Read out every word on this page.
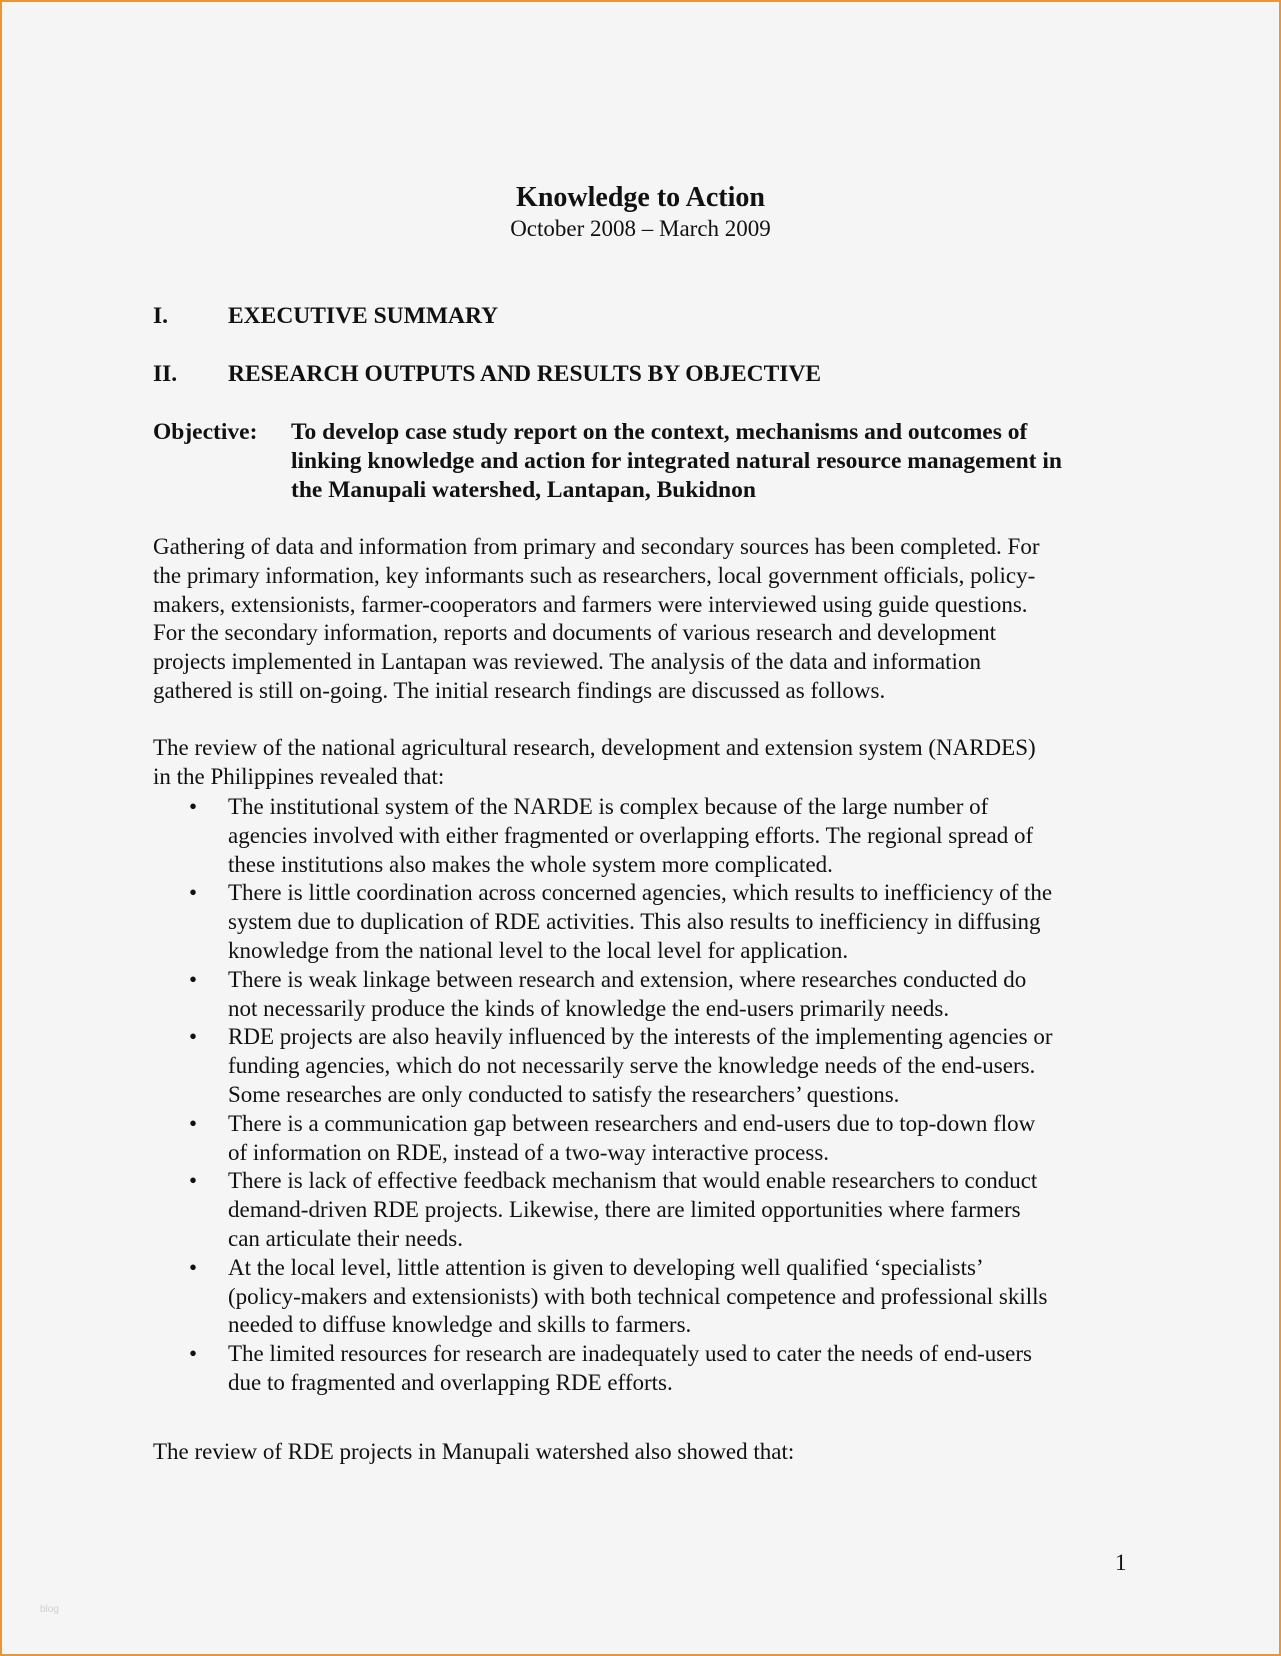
Knowledge to Action
October 2008 – March 2009
I.	EXECUTIVE SUMMARY
II. RESEARCH OUTPUTS AND RESULTS BY OBJECTIVE
Objective: To develop case study report on the context, mechanisms and outcomes of
linking knowledge and action for integrated natural resource management in
the Manupali watershed, Lantapan, Bukidnon
Gathering of data and information from primary and secondary sources has been completed. For
the primary information, key informants such as researchers, local government officials, policy-
makers, extensionists, farmer-cooperators and farmers were interviewed using guide questions.
For the secondary information, reports and documents of various research and development
projects implemented in Lantapan was reviewed. The analysis of the data and information
gathered is still on-going. The initial research findings are discussed as follows.
The review of the national agricultural research, development and extension system (NARDES)
in the Philippines revealed that:
• The institutional system of the NARDE is complex because of the large number of
agencies involved with either fragmented or overlapping efforts. The regional spread of
these institutions also makes the whole system more complicated.
• There is little coordination across concerned agencies, which results to inefficiency of the
system due to duplication of RDE activities. This also results to inefficiency in diffusing
knowledge from the national level to the local level for application.
• There is weak linkage between research and extension, where researches conducted do
not necessarily produce the kinds of knowledge the end-users primarily needs.
• RDE projects are also heavily influenced by the interests of the implementing agencies or
funding agencies, which do not necessarily serve the knowledge needs of the end-users.
Some researches are only conducted to satisfy the researchers’ questions.
• There is a communication gap between researchers and end-users due to top-down flow
of information on RDE, instead of a two-way interactive process.
• There is lack of effective feedback mechanism that would enable researchers to conduct
demand-driven RDE projects. Likewise, there are limited opportunities where farmers
can articulate their needs.
• At the local level, little attention is given to developing well qualified ‘specialists’
(policy-makers and extensionists) with both technical competence and professional skills
needed to diffuse knowledge and skills to farmers.
• The limited resources for research are inadequately used to cater the needs of end-users
due to fragmented and overlapping RDE efforts.
The review of RDE projects in Manupali watershed also showed that:
1
blog
